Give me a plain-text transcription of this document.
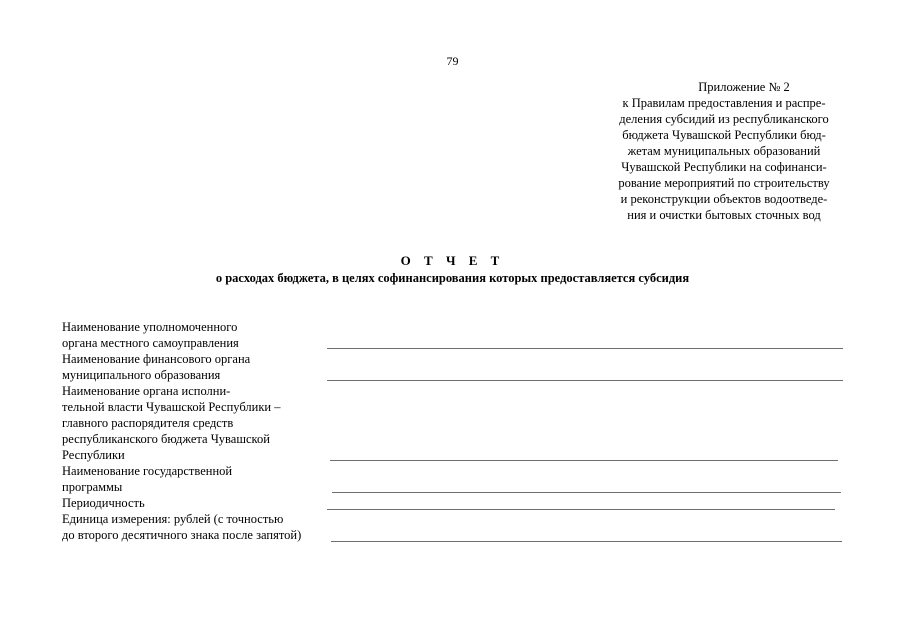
79
Приложение № 2
к Правилам предоставления и распре-
деления субсидий из республиканского
бюджета Чувашской Республики бюд-
жетам муниципальных образований
Чувашской Республики на софинанси-
рование мероприятий по строительству
и реконструкции объектов водоотведе-
ния и очистки бытовых сточных вод
О Т Ч Е Т
о расходах бюджета, в целях софинансирования которых предоставляется субсидия
Наименование уполномоченного
органа местного самоуправления
Наименование финансового органа
муниципального образования
Наименование органа исполни-
тельной власти Чувашской Республики –
главного распорядителя средств
республиканского бюджета Чувашской
Республики
Наименование государственной
программы
Периодичность
Единица измерения: рублей (с точностью
до второго десятичного знака после запятой)
